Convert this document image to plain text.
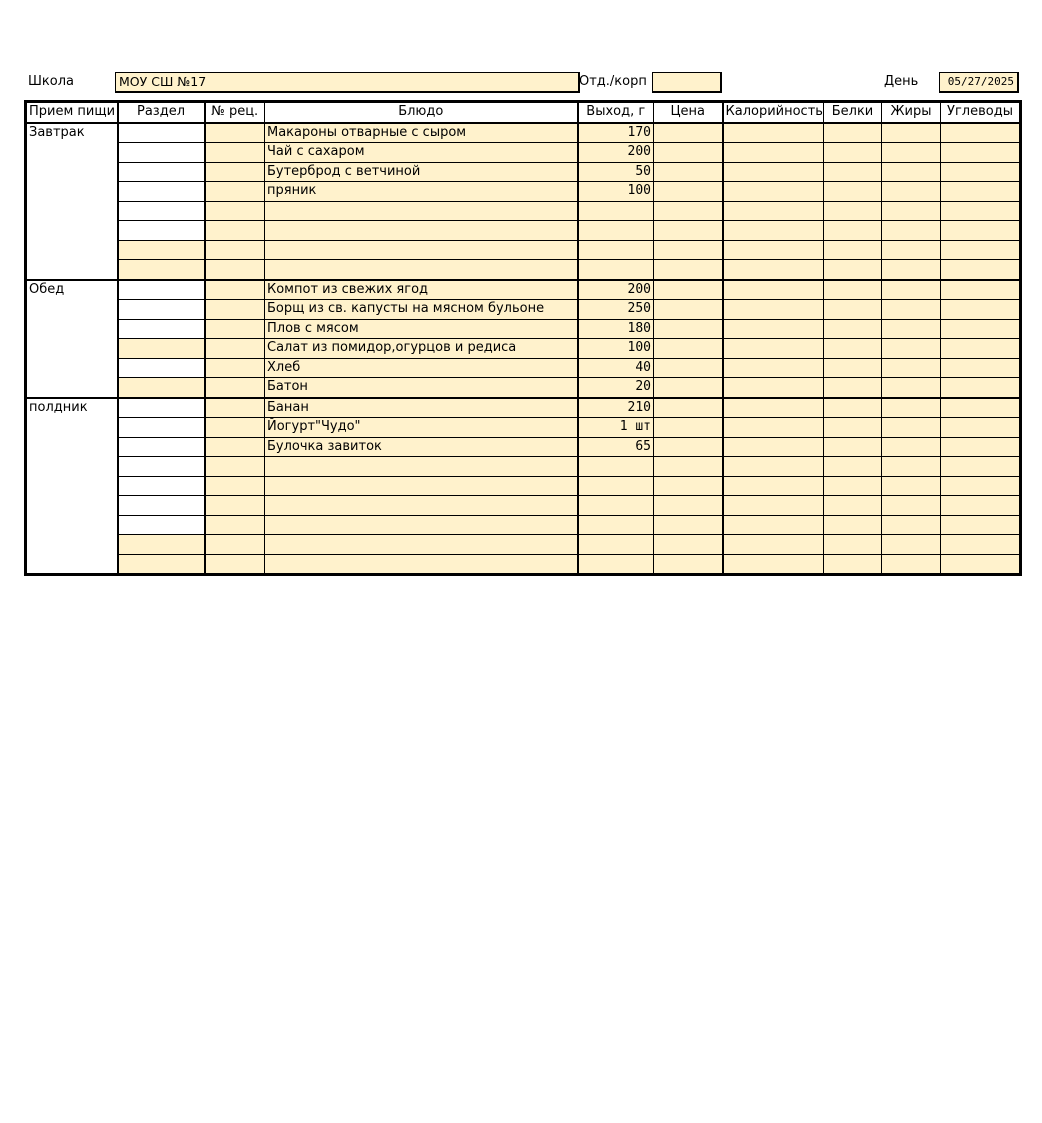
Школа	МОУ СШ №17	Отд./корп	День	05/27/2025
Прием пищи	Раздел	№ рец.	Блюдо	Выход, г	Цена	Калорийность	Белки	Жиры	Углеводы
Завтрак			Макароны отварные с сыром	170					
			Чай с сахаром	200					
			Бутерброд с ветчиной	50					
			пряник	100					

Обед			Компот из свежих ягод	200					
			Борщ из св. капусты на мясном бульоне	250					
			Плов с мясом	180					
			Салат из помидор,огурцов и редиса	100					
			Хлеб	40					
			Батон	20					
полдник			Банан	210					
			Йогурт"Чудо"	1 шт					
			Булочка завиток	65					
